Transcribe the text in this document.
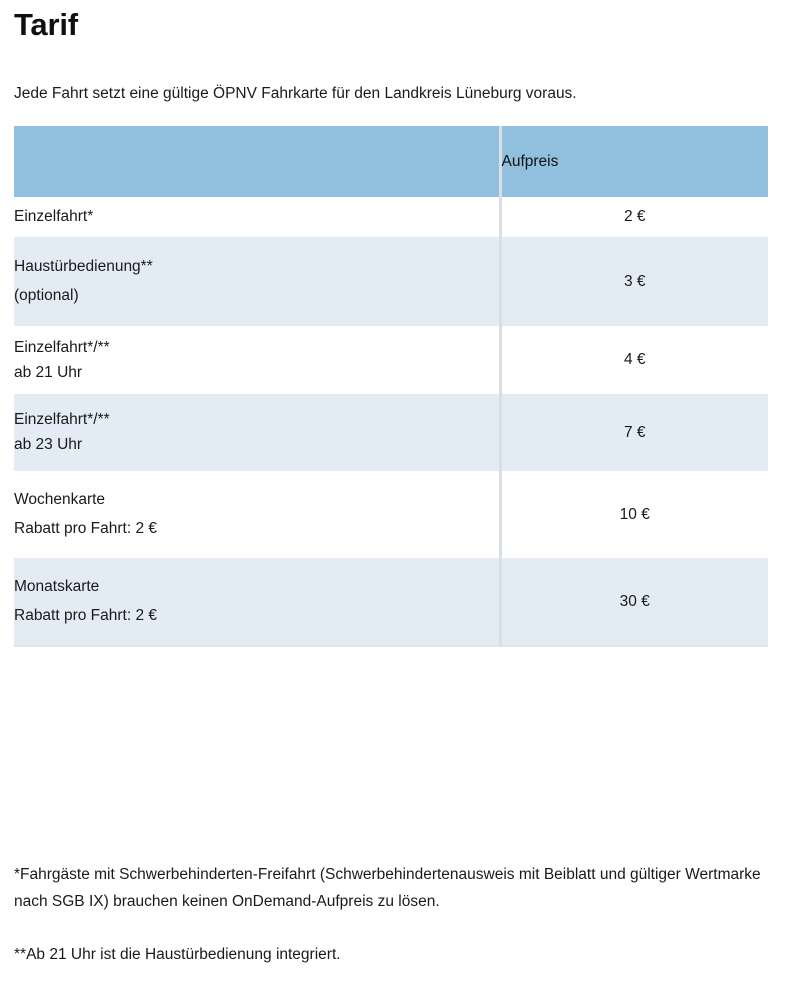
Tarif

Jede Fahrt setzt eine gültige ÖPNV Fahrkarte für den Landkreis Lüneburg voraus.

	Aufpreis

Einzelfahrt*	2 €

Haustürbedienung**
(optional)	3 €

Einzelfahrt*/**
ab 21 Uhr	4 €

Einzelfahrt*/**
ab 23 Uhr	7 €

Wochenkarte
Rabatt pro Fahrt: 2 €	10 €

Monatskarte
Rabatt pro Fahrt: 2 €	30 €

*Fahrgäste mit Schwerbehinderten-Freifahrt (Schwerbehindertenausweis mit Beiblatt und gültiger Wertmarke nach SGB IX) brauchen keinen OnDemand-Aufpreis zu lösen.

**Ab 21 Uhr ist die Haustürbedienung integriert.
